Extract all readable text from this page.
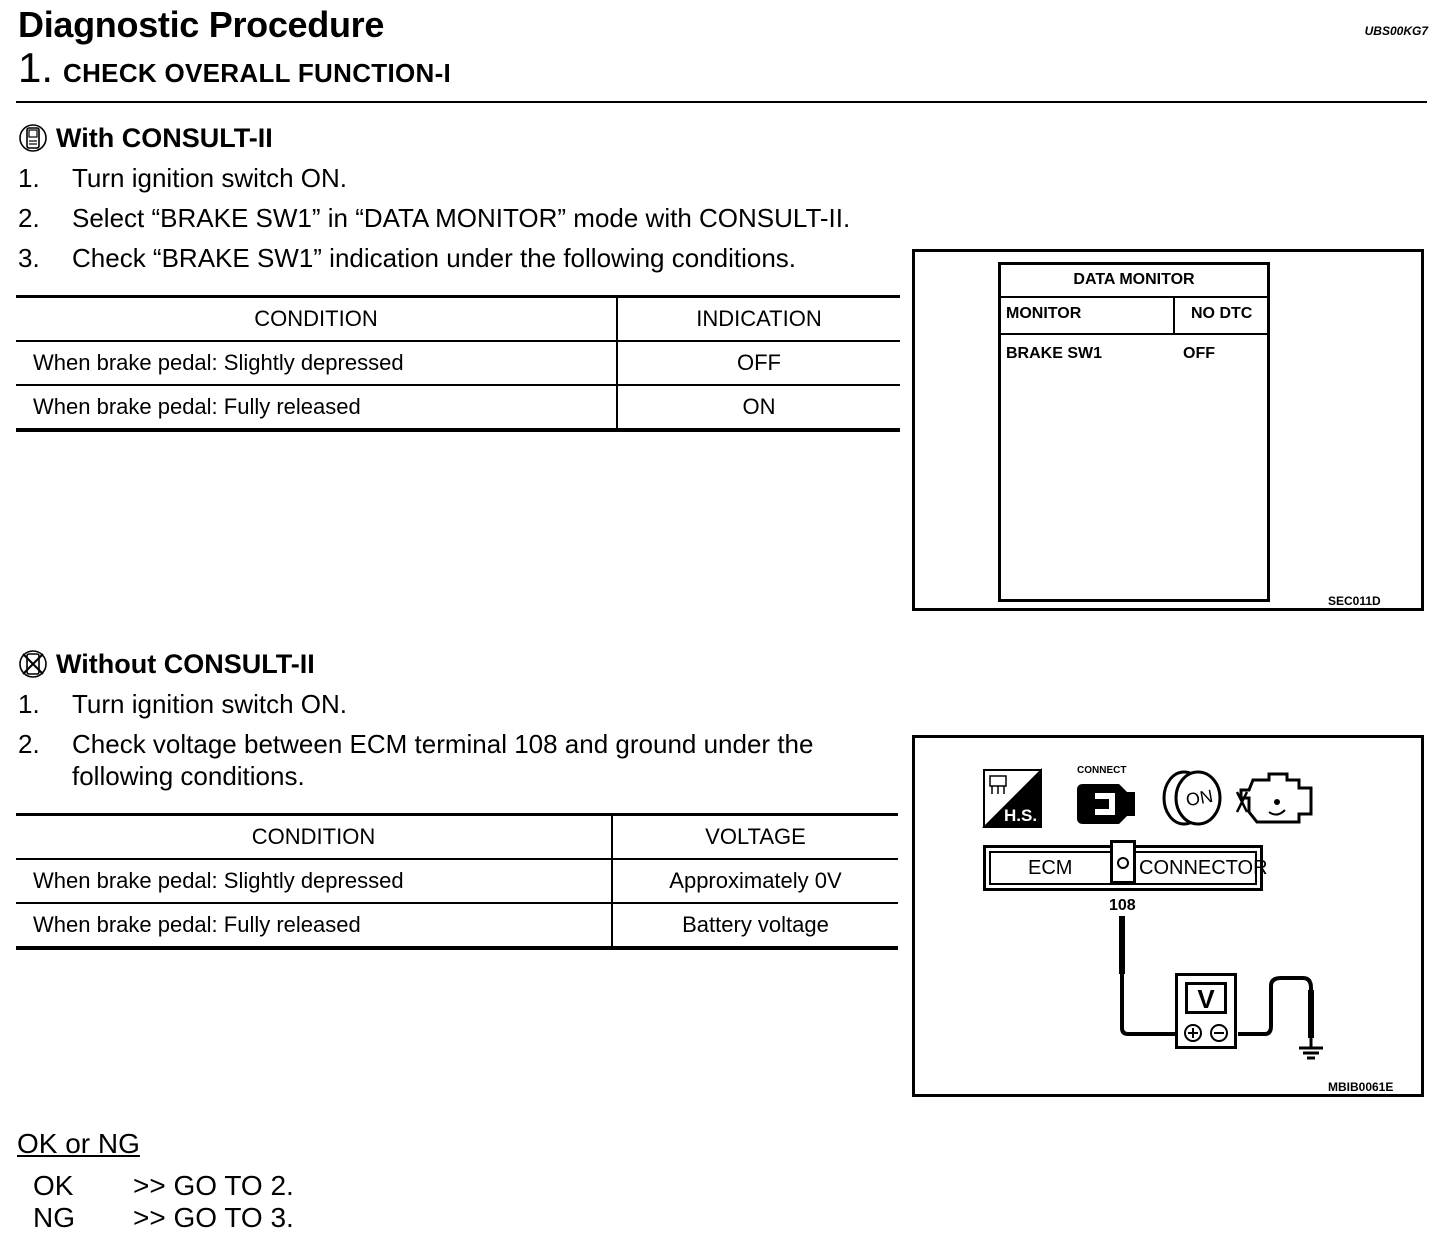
Diagnostic Procedure	UBS00KG7
1. CHECK OVERALL FUNCTION-I
With CONSULT-II
1. Turn ignition switch ON.
2. Select “BRAKE SW1” in “DATA MONITOR” mode with CONSULT-II.
3. Check “BRAKE SW1” indication under the following conditions.
CONDITION	INDICATION
When brake pedal: Slightly depressed	OFF
When brake pedal: Fully released	ON
DATA MONITOR
MONITOR	NO DTC
BRAKE SW1	OFF
SEC011D
Without CONSULT-II
1. Turn ignition switch ON.
2. Check voltage between ECM terminal 108 and ground under the
following conditions.
CONDITION	VOLTAGE
When brake pedal: Slightly depressed	Approximately 0V
When brake pedal: Fully released	Battery voltage
H.S.
CONNECT
ON
ECM	CONNECTOR
108
V
MBIB0061E
OK or NG
OK >> GO TO 2.
NG >> GO TO 3.
